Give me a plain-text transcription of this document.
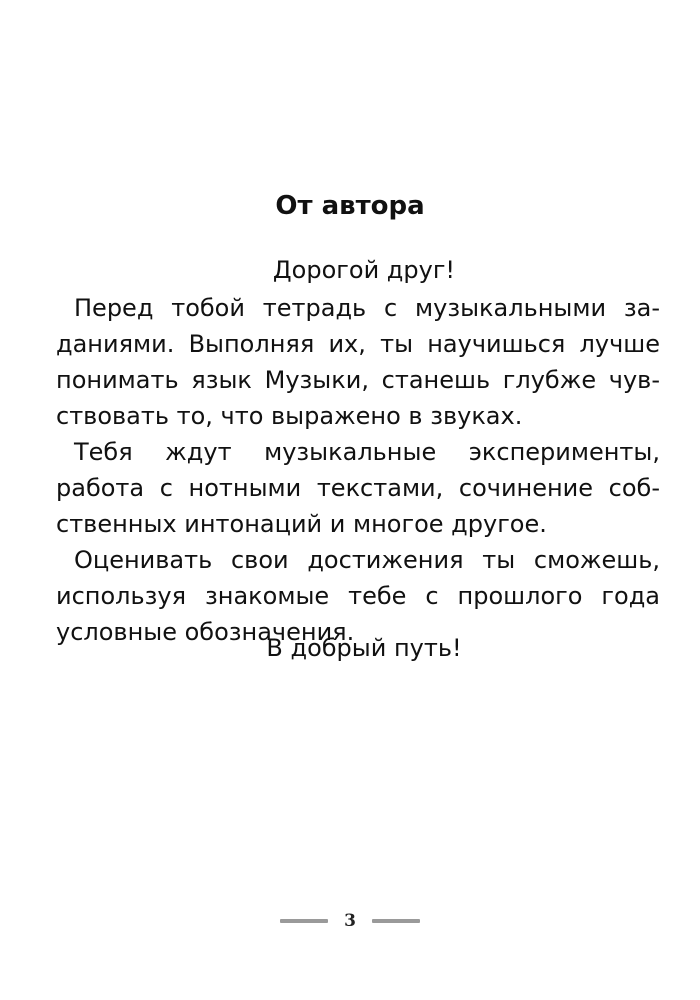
От автора
Дорогой друг!
Перед тобой тетрадь с музыкальными за-
даниями. Выполняя их, ты научишься лучше
понимать язык Музыки, станешь глубже чув-
ствовать то, что выражено в звуках.
Тебя ждут музыкальные эксперименты,
работа с нотными текстами, сочинение соб-
ственных интонаций и многое другое.
Оценивать свои достижения ты сможешь,
используя знакомые тебе с прошлого года
условные обозначения.
В добрый путь!
3
